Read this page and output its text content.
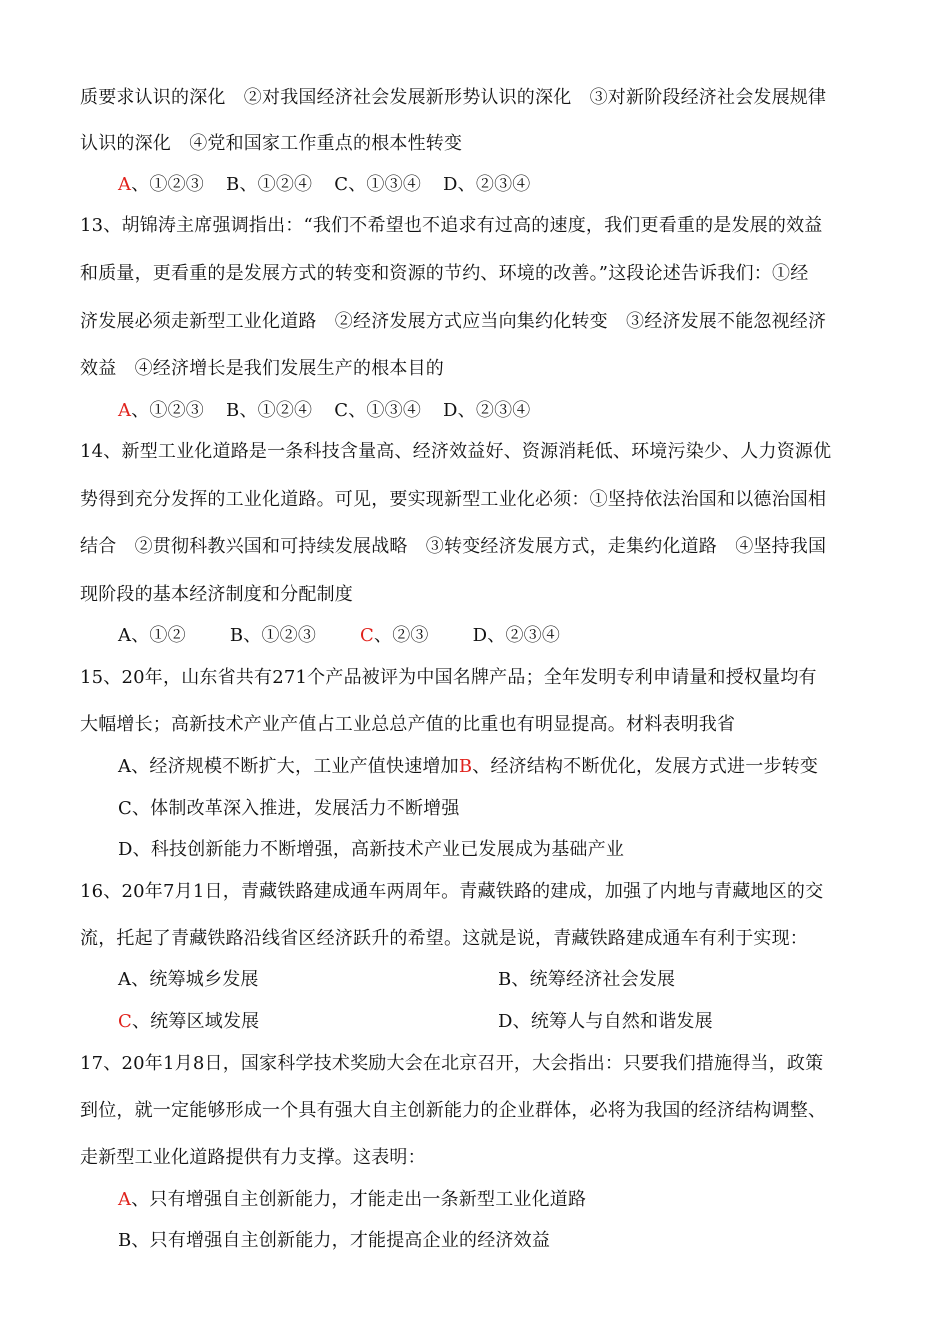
质要求认识的深化　②对我国经济社会发展新形势认识的深化　③对新阶段经济社会发展规律
认识的深化　④党和国家工作重点的根本性转变
A、①②③ B、①②④ C、①③④ D、②③④
13、胡锦涛主席强调指出：“我们不希望也不追求有过高的速度，我们更看重的是发展的效益
和质量，更看重的是发展方式的转变和资源的节约、环境的改善。”这段论述告诉我们：①经
济发展必须走新型工业化道路　②经济发展方式应当向集约化转变　③经济发展不能忽视经济
效益　④经济增长是我们发展生产的根本目的
A、①②③ B、①②④ C、①③④ D、②③④
14、新型工业化道路是一条科技含量高、经济效益好、资源消耗低、环境污染少、人力资源优
势得到充分发挥的工业化道路。可见，要实现新型工业化必须：①坚持依法治国和以德治国相
结合　②贯彻科教兴国和可持续发展战略　③转变经济发展方式，走集约化道路　④坚持我国
现阶段的基本经济制度和分配制度
A、①② B、①②③ C、②③ D、②③④
15、20年，山东省共有271个产品被评为中国名牌产品；全年发明专利申请量和授权量均有
大幅增长；高新技术产业产值占工业总总产值的比重也有明显提高。材料表明我省
A、经济规模不断扩大，工业产值快速增加B、经济结构不断优化，发展方式进一步转变
C、体制改革深入推进，发展活力不断增强
D、科技创新能力不断增强，高新技术产业已发展成为基础产业
16、20年7月1日，青藏铁路建成通车两周年。青藏铁路的建成，加强了内地与青藏地区的交
流，托起了青藏铁路沿线省区经济跃升的希望。这就是说，青藏铁路建成通车有利于实现：
A、统筹城乡发展	B、统筹经济社会发展
C、统筹区域发展	D、统筹人与自然和谐发展
17、20年1月8日，国家科学技术奖励大会在北京召开，大会指出：只要我们措施得当，政策
到位，就一定能够形成一个具有强大自主创新能力的企业群体，必将为我国的经济结构调整、
走新型工业化道路提供有力支撑。这表明：
A、只有增强自主创新能力，才能走出一条新型工业化道路
B、只有增强自主创新能力，才能提高企业的经济效益
